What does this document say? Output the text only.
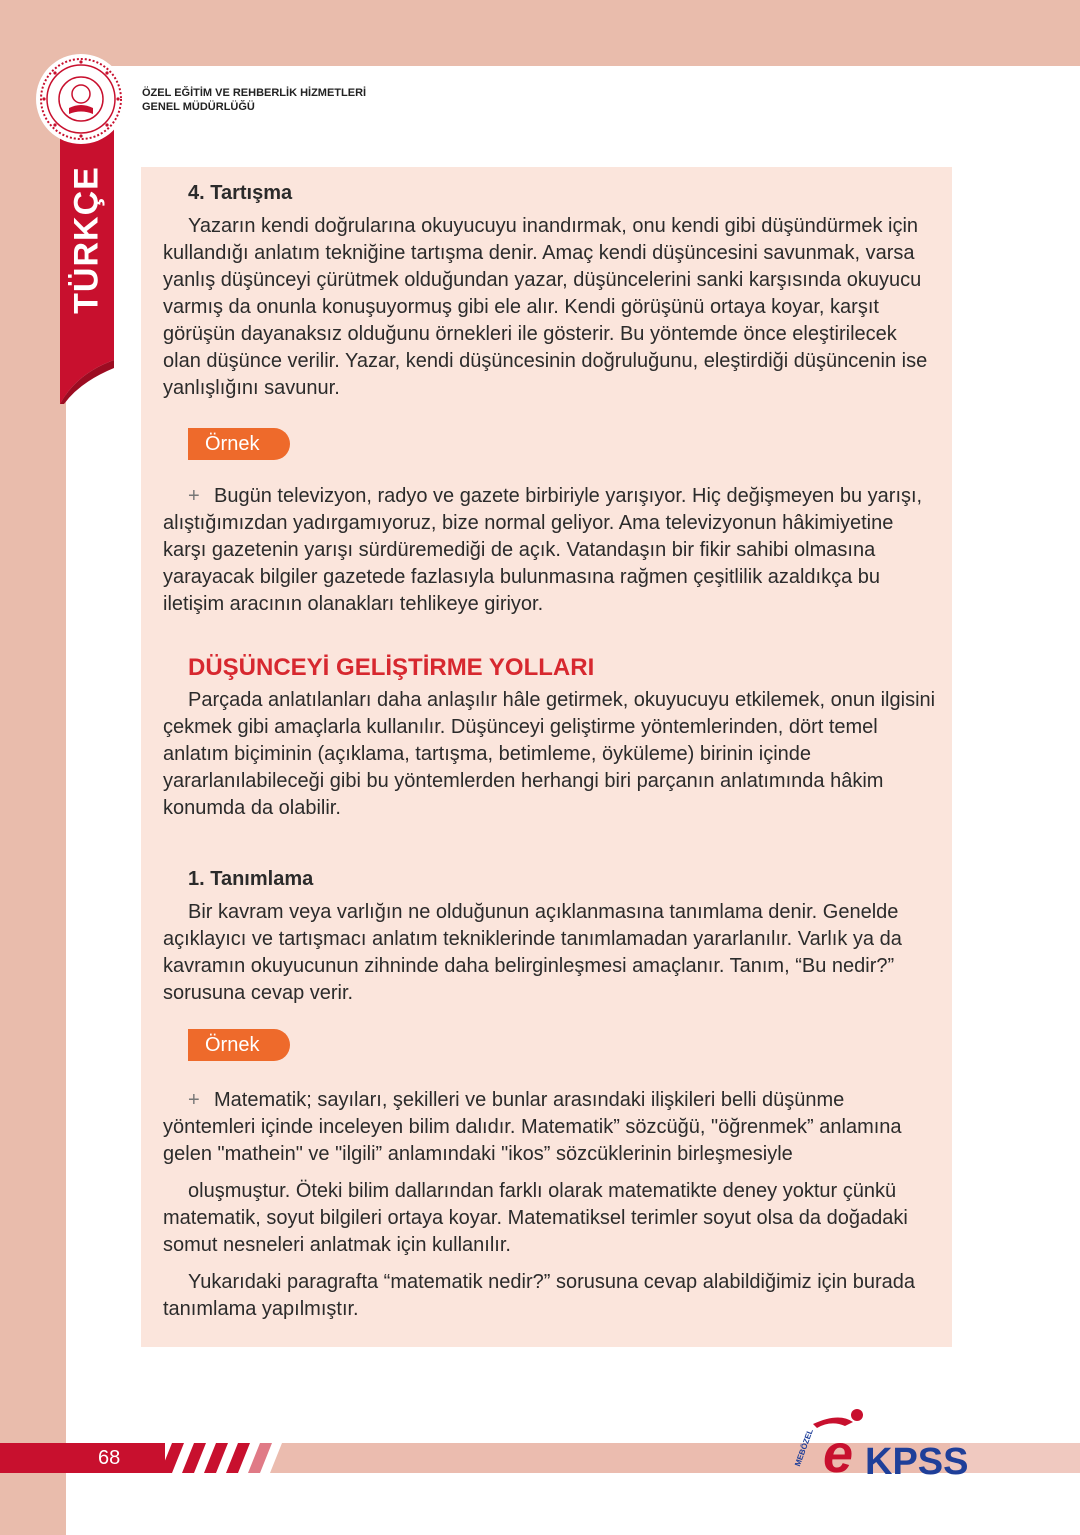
TÜRKÇE
ÖZEL EĞİTİM VE REHBERLİK HİZMETLERİ
GENEL MÜDÜRLÜĞÜ
4. Tartışma

Yazarın kendi doğrularına okuyucuyu inandırmak, onu kendi gibi düşündürmek için kullandığı anlatım tekniğine tartışma denir. Amaç kendi düşüncesini savunmak, varsa yanlış düşünceyi çürütmek olduğundan yazar, düşüncelerini sanki karşısında okuyucu varmış da onunla konuşuyormuş gibi ele alır. Kendi görüşünü ortaya koyar, karşıt görüşün dayanaksız olduğunu örnekleri ile gösterir. Bu yöntemde önce eleştirilecek olan düşünce verilir. Yazar, kendi düşüncesinin doğruluğunu, eleştirdiği düşüncenin ise yanlışlığını savunur.

Örnek

+ Bugün televizyon, radyo ve gazete birbiriyle yarışıyor. Hiç değişmeyen bu yarışı, alıştığımızdan yadırgamıyoruz, bize normal geliyor. Ama televizyonun hâkimiyetine karşı gazetenin yarışı sürdüremediği de açık. Vatandaşın bir fikir sahibi olmasına yarayacak bilgiler gazetede fazlasıyla bulunmasına rağmen çeşitlilik azaldıkça bu iletişim aracının olanakları tehlikeye giriyor.

DÜŞÜNCEYİ GELİŞTİRME YOLLARI

Parçada anlatılanları daha anlaşılır hâle getirmek, okuyucuyu etkilemek, onun ilgisini çekmek gibi amaçlarla kullanılır. Düşünceyi geliştirme yöntemlerinden, dört temel anlatım biçiminin (açıklama, tartışma, betimleme, öyküleme) birinin içinde yararlanılabileceği gibi bu yöntemlerden herhangi biri parçanın anlatımında hâkim konumda da olabilir.

1. Tanımlama

Bir kavram veya varlığın ne olduğunun açıklanmasına tanımlama denir. Genelde açıklayıcı ve tartışmacı anlatım tekniklerinde tanımlamadan yararlanılır. Varlık ya da kavramın okuyucunun zihninde daha belirginleşmesi amaçlanır. Tanım, “Bu nedir?” sorusuna cevap verir.

Örnek

+ Matematik; sayıları, şekilleri ve bunlar arasındaki ilişkileri belli düşünme yöntemleri içinde inceleyen bilim dalıdır. Matematik” sözcüğü, "öğrenmek” anlamına gelen "mathein" ve "ilgili” anlamındaki "ikos” sözcüklerinin birleşmesiyle

oluşmuştur. Öteki bilim dallarından farklı olarak matematikte deney yoktur çünkü matematik, soyut bilgileri ortaya koyar. Matematiksel terimler soyut olsa da doğadaki somut nesneleri anlatmak için kullanılır.

Yukarıdaki paragrafta “matematik nedir?” sorusuna cevap alabildiğimiz için burada tanımlama yapılmıştır.

68	e
MEBÖZEL KPSS
